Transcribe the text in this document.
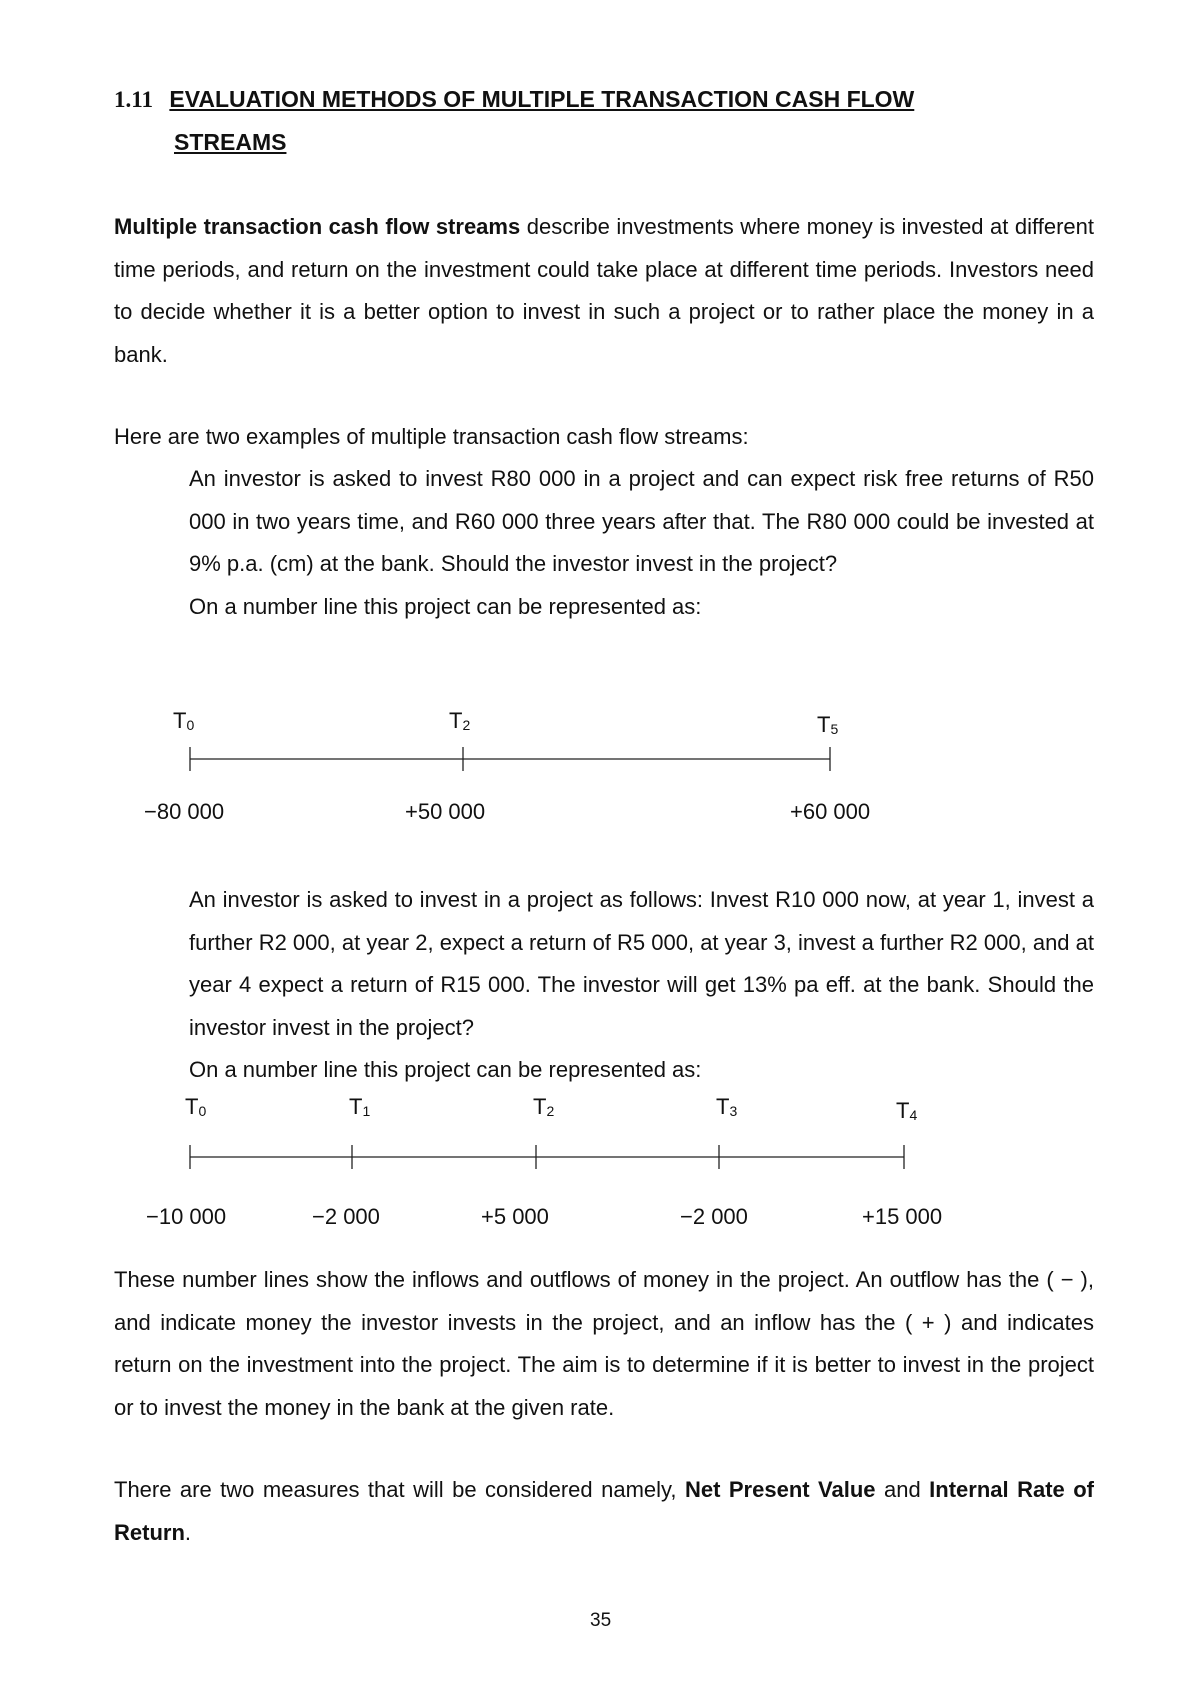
1.11 EVALUATION METHODS OF MULTIPLE TRANSACTION CASH FLOW
STREAMS

Multiple transaction cash flow streams describe investments where money is invested at different time periods, and return on the investment could take place at different time periods. Investors need to decide whether it is a better option to invest in such a project or to rather place the money in a bank.

Here are two examples of multiple transaction cash flow streams:

An investor is asked to invest R80 000 in a project and can expect risk free returns of R50 000 in two years time, and R60 000 three years after that. The R80 000 could be invested at 9% p.a. (cm) at the bank. Should the investor invest in the project?

On a number line this project can be represented as:

$T_0$	$T_2$	$T_5$
−80 000	+50 000	+60 000

An investor is asked to invest in a project as follows: Invest R10 000 now, at year 1, invest a further R2 000, at year 2, expect a return of R5 000, at year 3, invest a further R2 000, and at year 4 expect a return of R15 000. The investor will get 13% pa eff. at the bank. Should the investor invest in the project?

On a number line this project can be represented as:

$T_0$	$T_1$	$T_2$	$T_3$	$T_4$
−10 000	−2 000	+5 000	−2 000	+15 000

These number lines show the inflows and outflows of money in the project. An outflow has the ( − ), and indicate money the investor invests in the project, and an inflow has the ( + ) and indicates return on the investment into the project. The aim is to determine if it is better to invest in the project or to invest the money in the bank at the given rate.

There are two measures that will be considered namely, Net Present Value and Internal Rate of Return.

35
